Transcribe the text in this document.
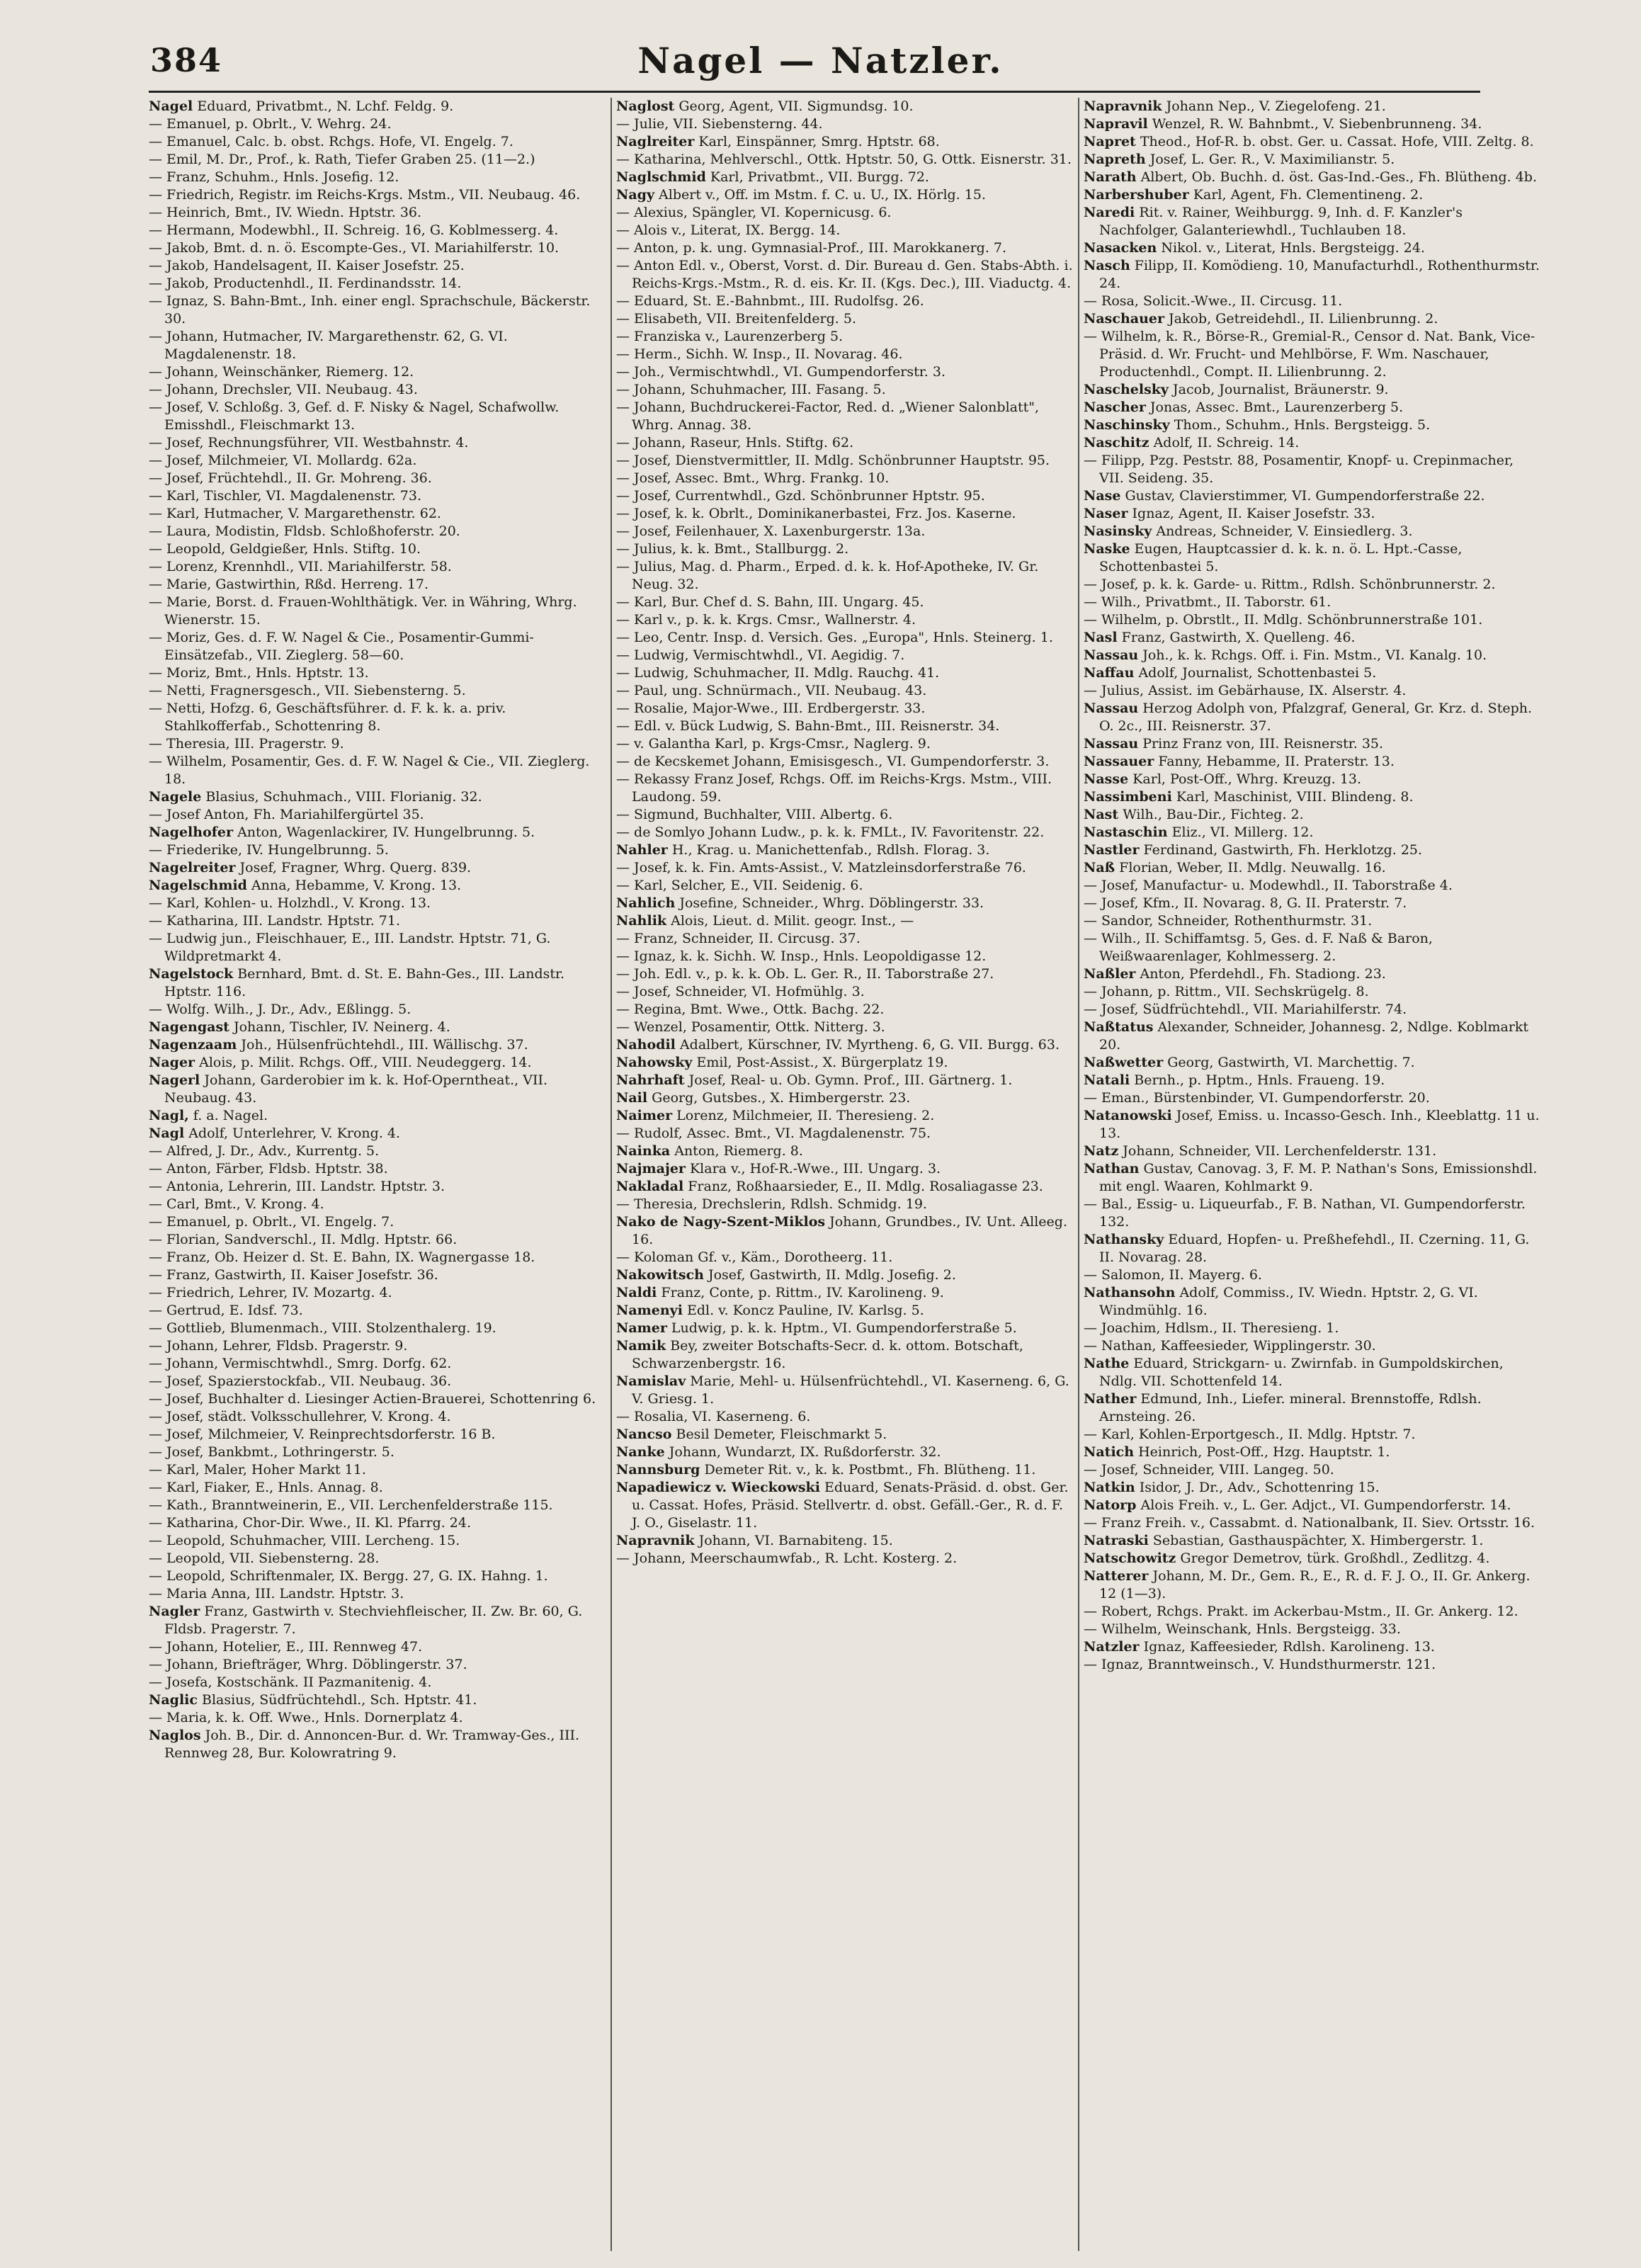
384	Nagel — Natzler.

Nagel Eduard, Privatbmt., N. Lchf. Feldg. 9.

— Emanuel, p. Obrlt., V. Wehrg. 24.

— Emanuel, Calc. b. obst. Rchgs. Hofe, VI. Engelg. 7.

— Emil, M. Dr., Prof., k. Rath, Tiefer Graben 25. (11—2.)

— Franz, Schuhm., Hnls. Josefig. 12.

— Friedrich, Registr. im Reichs-Krgs. Mstm., VII. Neubaug. 46.

— Heinrich, Bmt., IV. Wiedn. Hptstr. 36.

— Hermann, Modewbhl., II. Schreig. 16, G. Koblmesserg. 4.

— Jakob, Bmt. d. n. ö. Escompte-Ges., VI. Mariahilferstr. 10.

— Jakob, Handelsagent, II. Kaiser Josefstr. 25.

— Jakob, Productenhdl., II. Ferdinandsstr. 14.

— Ignaz, S. Bahn-Bmt., Inh. einer engl. Sprachschule, Bäckerstr. 30.

— Johann, Hutmacher, IV. Margarethenstr. 62, G. VI. Magdalenenstr. 18.

— Johann, Weinschänker, Riemerg. 12.

— Johann, Drechsler, VII. Neubaug. 43.

— Josef, V. Schloßg. 3, Gef. d. F. Nisky & Nagel, Schafwollw. Emisshdl., Fleischmarkt 13.

— Josef, Rechnungsführer, VII. Westbahnstr. 4.

— Josef, Milchmeier, VI. Mollardg. 62a.

— Josef, Früchtehdl., II. Gr. Mohreng. 36.

— Karl, Tischler, VI. Magdalenenstr. 73.

— Karl, Hutmacher, V. Margarethenstr. 62.

— Laura, Modistin, Fldsb. Schloßhoferstr. 20.

— Leopold, Geldgießer, Hnls. Stiftg. 10.

— Lorenz, Krennhdl., VII. Mariahilferstr. 58.

— Marie, Gastwirthin, Rßd. Herreng. 17.

— Marie, Borst. d. Frauen-Wohlthätigk. Ver. in Währing, Whrg. Wienerstr. 15.

— Moriz, Ges. d. F. W. Nagel & Cie., Posamentir-Gummi-Einsätzefab., VII. Zieglerg. 58—60.

— Moriz, Bmt., Hnls. Hptstr. 13.

— Netti, Fragnersgesch., VII. Siebensterng. 5.

— Netti, Hofzg. 6, Geschäftsführer. d. F. k. k. a. priv. Stahlkofferfab., Schottenring 8.

— Theresia, III. Pragerstr. 9.

— Wilhelm, Posamentir, Ges. d. F. W. Nagel & Cie., VII. Zieglerg. 18.

Nagele Blasius, Schuhmach., VIII. Florianig. 32.

— Josef Anton, Fh. Mariahilfergürtel 35.

Nagelhofer Anton, Wagenlackirer, IV. Hungelbrunng. 5.

— Friederike, IV. Hungelbrunng. 5.

Nagelreiter Josef, Fragner, Whrg. Querg. 839.

Nagelschmid Anna, Hebamme, V. Krong. 13.

— Karl, Kohlen- u. Holzhdl., V. Krong. 13.

— Katharina, III. Landstr. Hptstr. 71.

— Ludwig jun., Fleischhauer, E., III. Landstr. Hptstr. 71, G. Wildpretmarkt 4.

Nagelstock Bernhard, Bmt. d. St. E. Bahn-Ges., III. Landstr. Hptstr. 116.

— Wolfg. Wilh., J. Dr., Adv., Eßlingg. 5.

Nagengast Johann, Tischler, IV. Neinerg. 4.

Nagenzaam Joh., Hülsenfrüchtehdl., III. Wällischg. 37.

Nager Alois, p. Milit. Rchgs. Off., VIII. Neudeggerg. 14.

Nagerl Johann, Garderobier im k. k. Hof-Operntheat., VII. Neubaug. 43.

Nagl, f. a. Nagel.

Nagl Adolf, Unterlehrer, V. Krong. 4.

— Alfred, J. Dr., Adv., Kurrentg. 5.

— Anton, Färber, Fldsb. Hptstr. 38.

— Antonia, Lehrerin, III. Landstr. Hptstr. 3.

— Carl, Bmt., V. Krong. 4.

— Emanuel, p. Obrlt., VI. Engelg. 7.

— Florian, Sandverschl., II. Mdlg. Hptstr. 66.

— Franz, Ob. Heizer d. St. E. Bahn, IX. Wagnergasse 18.

— Franz, Gastwirth, II. Kaiser Josefstr. 36.

— Friedrich, Lehrer, IV. Mozartg. 4.

— Gertrud, E. Idsf. 73.

— Gottlieb, Blumenmach., VIII. Stolzenthalerg. 19.

— Johann, Lehrer, Fldsb. Pragerstr. 9.

— Johann, Vermischtwhdl., Smrg. Dorfg. 62.

— Josef, Spazierstockfab., VII. Neubaug. 36.

— Josef, Buchhalter d. Liesinger Actien-Brauerei, Schottenring 6.

— Josef, städt. Volksschullehrer, V. Krong. 4.

— Josef, Milchmeier, V. Reinprechtsdorferstr. 16 B.

— Josef, Bankbmt., Lothringerstr. 5.

— Karl, Maler, Hoher Markt 11.

— Karl, Fiaker, E., Hnls. Annag. 8.

— Kath., Branntweinerin, E., VII. Lerchenfelderstraße 115.

— Katharina, Chor-Dir. Wwe., II. Kl. Pfarrg. 24.

— Leopold, Schuhmacher, VIII. Lercheng. 15.

— Leopold, VII. Siebensterng. 28.

— Leopold, Schriftenmaler, IX. Bergg. 27, G. IX. Hahng. 1.

— Maria Anna, III. Landstr. Hptstr. 3.

Nagler Franz, Gastwirth v. Stechviehfleischer, II. Zw. Br. 60, G. Fldsb. Pragerstr. 7.

— Johann, Hotelier, E., III. Rennweg 47.

— Johann, Briefträger, Whrg. Döblingerstr. 37.

— Josefa, Kostschänk. II Pazmanitenig. 4.

Naglic Blasius, Südfrüchtehdl., Sch. Hptstr. 41.

— Maria, k. k. Off. Wwe., Hnls. Dornerplatz 4.

Naglos Joh. B., Dir. d. Annoncen-Bur. d. Wr. Tramway-Ges., III. Rennweg 28, Bur. Kolowratring 9.

Naglost Georg, Agent, VII. Sigmundsg. 10.

— Julie, VII. Siebensterng. 44.

Naglreiter Karl, Einspänner, Smrg. Hptstr. 68.

— Katharina, Mehlverschl., Ottk. Hptstr. 50, G. Ottk. Eisnerstr. 31.

Naglschmid Karl, Privatbmt., VII. Burgg. 72.

Nagy Albert v., Off. im Mstm. f. C. u. U., IX. Hörlg. 15.

— Alexius, Spängler, VI. Kopernicusg. 6.

— Alois v., Literat, IX. Bergg. 14.

— Anton, p. k. ung. Gymnasial-Prof., III. Marokkanerg. 7.

— Anton Edl. v., Oberst, Vorst. d. Dir. Bureau d. Gen. Stabs-Abth. i. Reichs-Krgs.-Mstm., R. d. eis. Kr. II. (Kgs. Dec.), III. Viaductg. 4.

— Eduard, St. E.-Bahnbmt., III. Rudolfsg. 26.

— Elisabeth, VII. Breitenfelderg. 5.

— Franziska v., Laurenzerberg 5.

— Herm., Sichh. W. Insp., II. Novarag. 46.

— Joh., Vermischtwhdl., VI. Gumpendorferstr. 3.

— Johann, Schuhmacher, III. Fasang. 5.

— Johann, Buchdruckerei-Factor, Red. d. „Wiener Salonblatt", Whrg. Annag. 38.

— Johann, Raseur, Hnls. Stiftg. 62.

— Josef, Dienstvermittler, II. Mdlg. Schönbrunner Hauptstr. 95.

— Josef, Assec. Bmt., Whrg. Frankg. 10.

— Josef, Currentwhdl., Gzd. Schönbrunner Hptstr. 95.

— Josef, k. k. Obrlt., Dominikanerbastei, Frz. Jos. Kaserne.

— Josef, Feilenhauer, X. Laxenburgerstr. 13a.

— Julius, k. k. Bmt., Stallburgg. 2.

— Julius, Mag. d. Pharm., Erped. d. k. k. Hof-Apotheke, IV. Gr. Neug. 32.

— Karl, Bur. Chef d. S. Bahn, III. Ungarg. 45.

— Karl v., p. k. k. Krgs. Cmsr., Wallnerstr. 4.

— Leo, Centr. Insp. d. Versich. Ges. „Europa", Hnls. Steinerg. 1.

— Ludwig, Vermischtwhdl., VI. Aegidig. 7.

— Ludwig, Schuhmacher, II. Mdlg. Rauchg. 41.

— Paul, ung. Schnürmach., VII. Neubaug. 43.

— Rosalie, Major-Wwe., III. Erdbergerstr. 33.

— Edl. v. Bück Ludwig, S. Bahn-Bmt., III. Reisnerstr. 34.

— v. Galantha Karl, p. Krgs-Cmsr., Naglerg. 9.

— de Kecskemet Johann, Emisisgesch., VI. Gumpendorferstr. 3.

— Rekassy Franz Josef, Rchgs. Off. im Reichs-Krgs. Mstm., VIII. Laudong. 59.

— Sigmund, Buchhalter, VIII. Albertg. 6.

— de Somlyo Johann Ludw., p. k. k. FMLt., IV. Favoritenstr. 22.

Nahler H., Krag. u. Manichettenfab., Rdlsh. Florag. 3.

— Josef, k. k. Fin. Amts-Assist., V. Matzleinsdorferstraße 76.

— Karl, Selcher, E., VII. Seidenig. 6.

Nahlich Josefine, Schneider., Whrg. Döblingerstr. 33.

Nahlik Alois, Lieut. d. Milit. geogr. Inst., —

— Franz, Schneider, II. Circusg. 37.

— Ignaz, k. k. Sichh. W. Insp., Hnls. Leopoldigasse 12.

— Joh. Edl. v., p. k. k. Ob. L. Ger. R., II. Taborstraße 27.

— Josef, Schneider, VI. Hofmühlg. 3.

— Regina, Bmt. Wwe., Ottk. Bachg. 22.

— Wenzel, Posamentir, Ottk. Nitterg. 3.

Nahodil Adalbert, Kürschner, IV. Myrtheng. 6, G. VII. Burgg. 63.

Nahowsky Emil, Post-Assist., X. Bürgerplatz 19.

Nahrhaft Josef, Real- u. Ob. Gymn. Prof., III. Gärtnerg. 1.

Nail Georg, Gutsbes., X. Himbergerstr. 23.

Naimer Lorenz, Milchmeier, II. Theresieng. 2.

— Rudolf, Assec. Bmt., VI. Magdalenenstr. 75.

Nainka Anton, Riemerg. 8.

Najmajer Klara v., Hof-R.-Wwe., III. Ungarg. 3.

Nakladal Franz, Roßhaarsieder, E., II. Mdlg. Rosaliagasse 23.

— Theresia, Drechslerin, Rdlsh. Schmidg. 19.

Nako de Nagy-Szent-Miklos Johann, Grundbes., IV. Unt. Alleeg. 16.

— Koloman Gf. v., Käm., Dorotheerg. 11.

Nakowitsch Josef, Gastwirth, II. Mdlg. Josefig. 2.

Naldi Franz, Conte, p. Rittm., IV. Karolineng. 9.

Namenyi Edl. v. Koncz Pauline, IV. Karlsg. 5.

Namer Ludwig, p. k. k. Hptm., VI. Gumpendorferstraße 5.

Namik Bey, zweiter Botschafts-Secr. d. k. ottom. Botschaft, Schwarzenbergstr. 16.

Namislav Marie, Mehl- u. Hülsenfrüchtehdl., VI. Kaserneng. 6, G. V. Griesg. 1.

— Rosalia, VI. Kaserneng. 6.

Nancso Besil Demeter, Fleischmarkt 5.

Nanke Johann, Wundarzt, IX. Rußdorferstr. 32.

Nannsburg Demeter Rit. v., k. k. Postbmt., Fh. Blütheng. 11.

Napadiewicz v. Wieckowski Eduard, Senats-Präsid. d. obst. Ger. u. Cassat. Hofes, Präsid. Stellvertr. d. obst. Gefäll.-Ger., R. d. F. J. O., Giselastr. 11.

Napravnik Johann, VI. Barnabiteng. 15.

— Johann, Meerschaumwfab., R. Lcht. Kosterg. 2.

Napravnik Johann Nep., V. Ziegelofeng. 21.

Napravil Wenzel, R. W. Bahnbmt., V. Siebenbrunneng. 34.

Napret Theod., Hof-R. b. obst. Ger. u. Cassat. Hofe, VIII. Zeltg. 8.

Napreth Josef, L. Ger. R., V. Maximilianstr. 5.

Narath Albert, Ob. Buchh. d. öst. Gas-Ind.-Ges., Fh. Blütheng. 4b.

Narbershuber Karl, Agent, Fh. Clementineng. 2.

Naredi Rit. v. Rainer, Weihburgg. 9, Inh. d. F. Kanzler's Nachfolger, Galanteriewhdl., Tuchlauben 18.

Nasacken Nikol. v., Literat, Hnls. Bergsteigg. 24.

Nasch Filipp, II. Komödieng. 10, Manufacturhdl., Rothenthurmstr. 24.

— Rosa, Solicit.-Wwe., II. Circusg. 11.

Naschauer Jakob, Getreidehdl., II. Lilienbrunng. 2.

— Wilhelm, k. R., Börse-R., Gremial-R., Censor d. Nat. Bank, Vice-Präsid. d. Wr. Frucht- und Mehlbörse, F. Wm. Naschauer, Productenhdl., Compt. II. Lilienbrunng. 2.

Naschelsky Jacob, Journalist, Bräunerstr. 9.

Nascher Jonas, Assec. Bmt., Laurenzerberg 5.

Naschinsky Thom., Schuhm., Hnls. Bergsteigg. 5.

Naschitz Adolf, II. Schreig. 14.

— Filipp, Pzg. Peststr. 88, Posamentir, Knopf- u. Crepinmacher, VII. Seideng. 35.

Nase Gustav, Clavierstimmer, VI. Gumpendorferstraße 22.

Naser Ignaz, Agent, II. Kaiser Josefstr. 33.

Nasinsky Andreas, Schneider, V. Einsiedlerg. 3.

Naske Eugen, Hauptcassier d. k. k. n. ö. L. Hpt.-Casse, Schottenbastei 5.

— Josef, p. k. k. Garde- u. Rittm., Rdlsh. Schönbrunnerstr. 2.

— Wilh., Privatbmt., II. Taborstr. 61.

— Wilhelm, p. Obrstlt., II. Mdlg. Schönbrunnerstraße 101.

Nasl Franz, Gastwirth, X. Quelleng. 46.

Nassau Joh., k. k. Rchgs. Off. i. Fin. Mstm., VI. Kanalg. 10.

Naffau Adolf, Journalist, Schottenbastei 5.

— Julius, Assist. im Gebärhause, IX. Alserstr. 4.

Nassau Herzog Adolph von, Pfalzgraf, General, Gr. Krz. d. Steph. O. 2c., III. Reisnerstr. 37.

Nassau Prinz Franz von, III. Reisnerstr. 35.

Nassauer Fanny, Hebamme, II. Praterstr. 13.

Nasse Karl, Post-Off., Whrg. Kreuzg. 13.

Nassimbeni Karl, Maschinist, VIII. Blindeng. 8.

Nast Wilh., Bau-Dir., Fichteg. 2.

Nastaschin Eliz., VI. Millerg. 12.

Nastler Ferdinand, Gastwirth, Fh. Herklotzg. 25.

Naß Florian, Weber, II. Mdlg. Neuwallg. 16.

— Josef, Manufactur- u. Modewhdl., II. Taborstraße 4.

— Josef, Kfm., II. Novarag. 8, G. II. Praterstr. 7.

— Sandor, Schneider, Rothenthurmstr. 31.

— Wilh., II. Schiffamtsg. 5, Ges. d. F. Naß & Baron, Weißwaarenlager, Kohlmesserg. 2.

Naßler Anton, Pferdehdl., Fh. Stadiong. 23.

— Johann, p. Rittm., VII. Sechskrügelg. 8.

— Josef, Südfrüchtehdl., VII. Mariahilferstr. 74.

Naßtatus Alexander, Schneider, Johannesg. 2, Ndlge. Koblmarkt 20.

Naßwetter Georg, Gastwirth, VI. Marchettig. 7.

Natali Bernh., p. Hptm., Hnls. Fraueng. 19.

— Eman., Bürstenbinder, VI. Gumpendorferstr. 20.

Natanowski Josef, Emiss. u. Incasso-Gesch. Inh., Kleeblattg. 11 u. 13.

Natz Johann, Schneider, VII. Lerchenfelderstr. 131.

Nathan Gustav, Canovag. 3, F. M. P. Nathan's Sons, Emissionshdl. mit engl. Waaren, Kohlmarkt 9.

— Bal., Essig- u. Liqueurfab., F. B. Nathan, VI. Gumpendorferstr. 132.

Nathansky Eduard, Hopfen- u. Preßhefehdl., II. Czerning. 11, G. II. Novarag. 28.

— Salomon, II. Mayerg. 6.

Nathansohn Adolf, Commiss., IV. Wiedn. Hptstr. 2, G. VI. Windmühlg. 16.

— Joachim, Hdlsm., II. Theresieng. 1.

— Nathan, Kaffeesieder, Wipplingerstr. 30.

Nathe Eduard, Strickgarn- u. Zwirnfab. in Gumpoldskirchen, Ndlg. VII. Schottenfeld 14.

Nather Edmund, Inh., Liefer. mineral. Brennstoffe, Rdlsh. Arnsteing. 26.

— Karl, Kohlen-Erportgesch., II. Mdlg. Hptstr. 7.

Natich Heinrich, Post-Off., Hzg. Hauptstr. 1.

— Josef, Schneider, VIII. Langeg. 50.

Natkin Isidor, J. Dr., Adv., Schottenring 15.

Natorp Alois Freih. v., L. Ger. Adjct., VI. Gumpendorferstr. 14.

— Franz Freih. v., Cassabmt. d. Nationalbank, II. Siev. Ortsstr. 16.

Natraski Sebastian, Gasthauspächter, X. Himbergerstr. 1.

Natschowitz Gregor Demetrov, türk. Großhdl., Zedlitzg. 4.

Natterer Johann, M. Dr., Gem. R., E., R. d. F. J. O., II. Gr. Ankerg. 12 (1—3).

— Robert, Rchgs. Prakt. im Ackerbau-Mstm., II. Gr. Ankerg. 12.

— Wilhelm, Weinschank, Hnls. Bergsteigg. 33.

Natzler Ignaz, Kaffeesieder, Rdlsh. Karolineng. 13.

— Ignaz, Branntweinsch., V. Hundsthurmerstr. 121.
